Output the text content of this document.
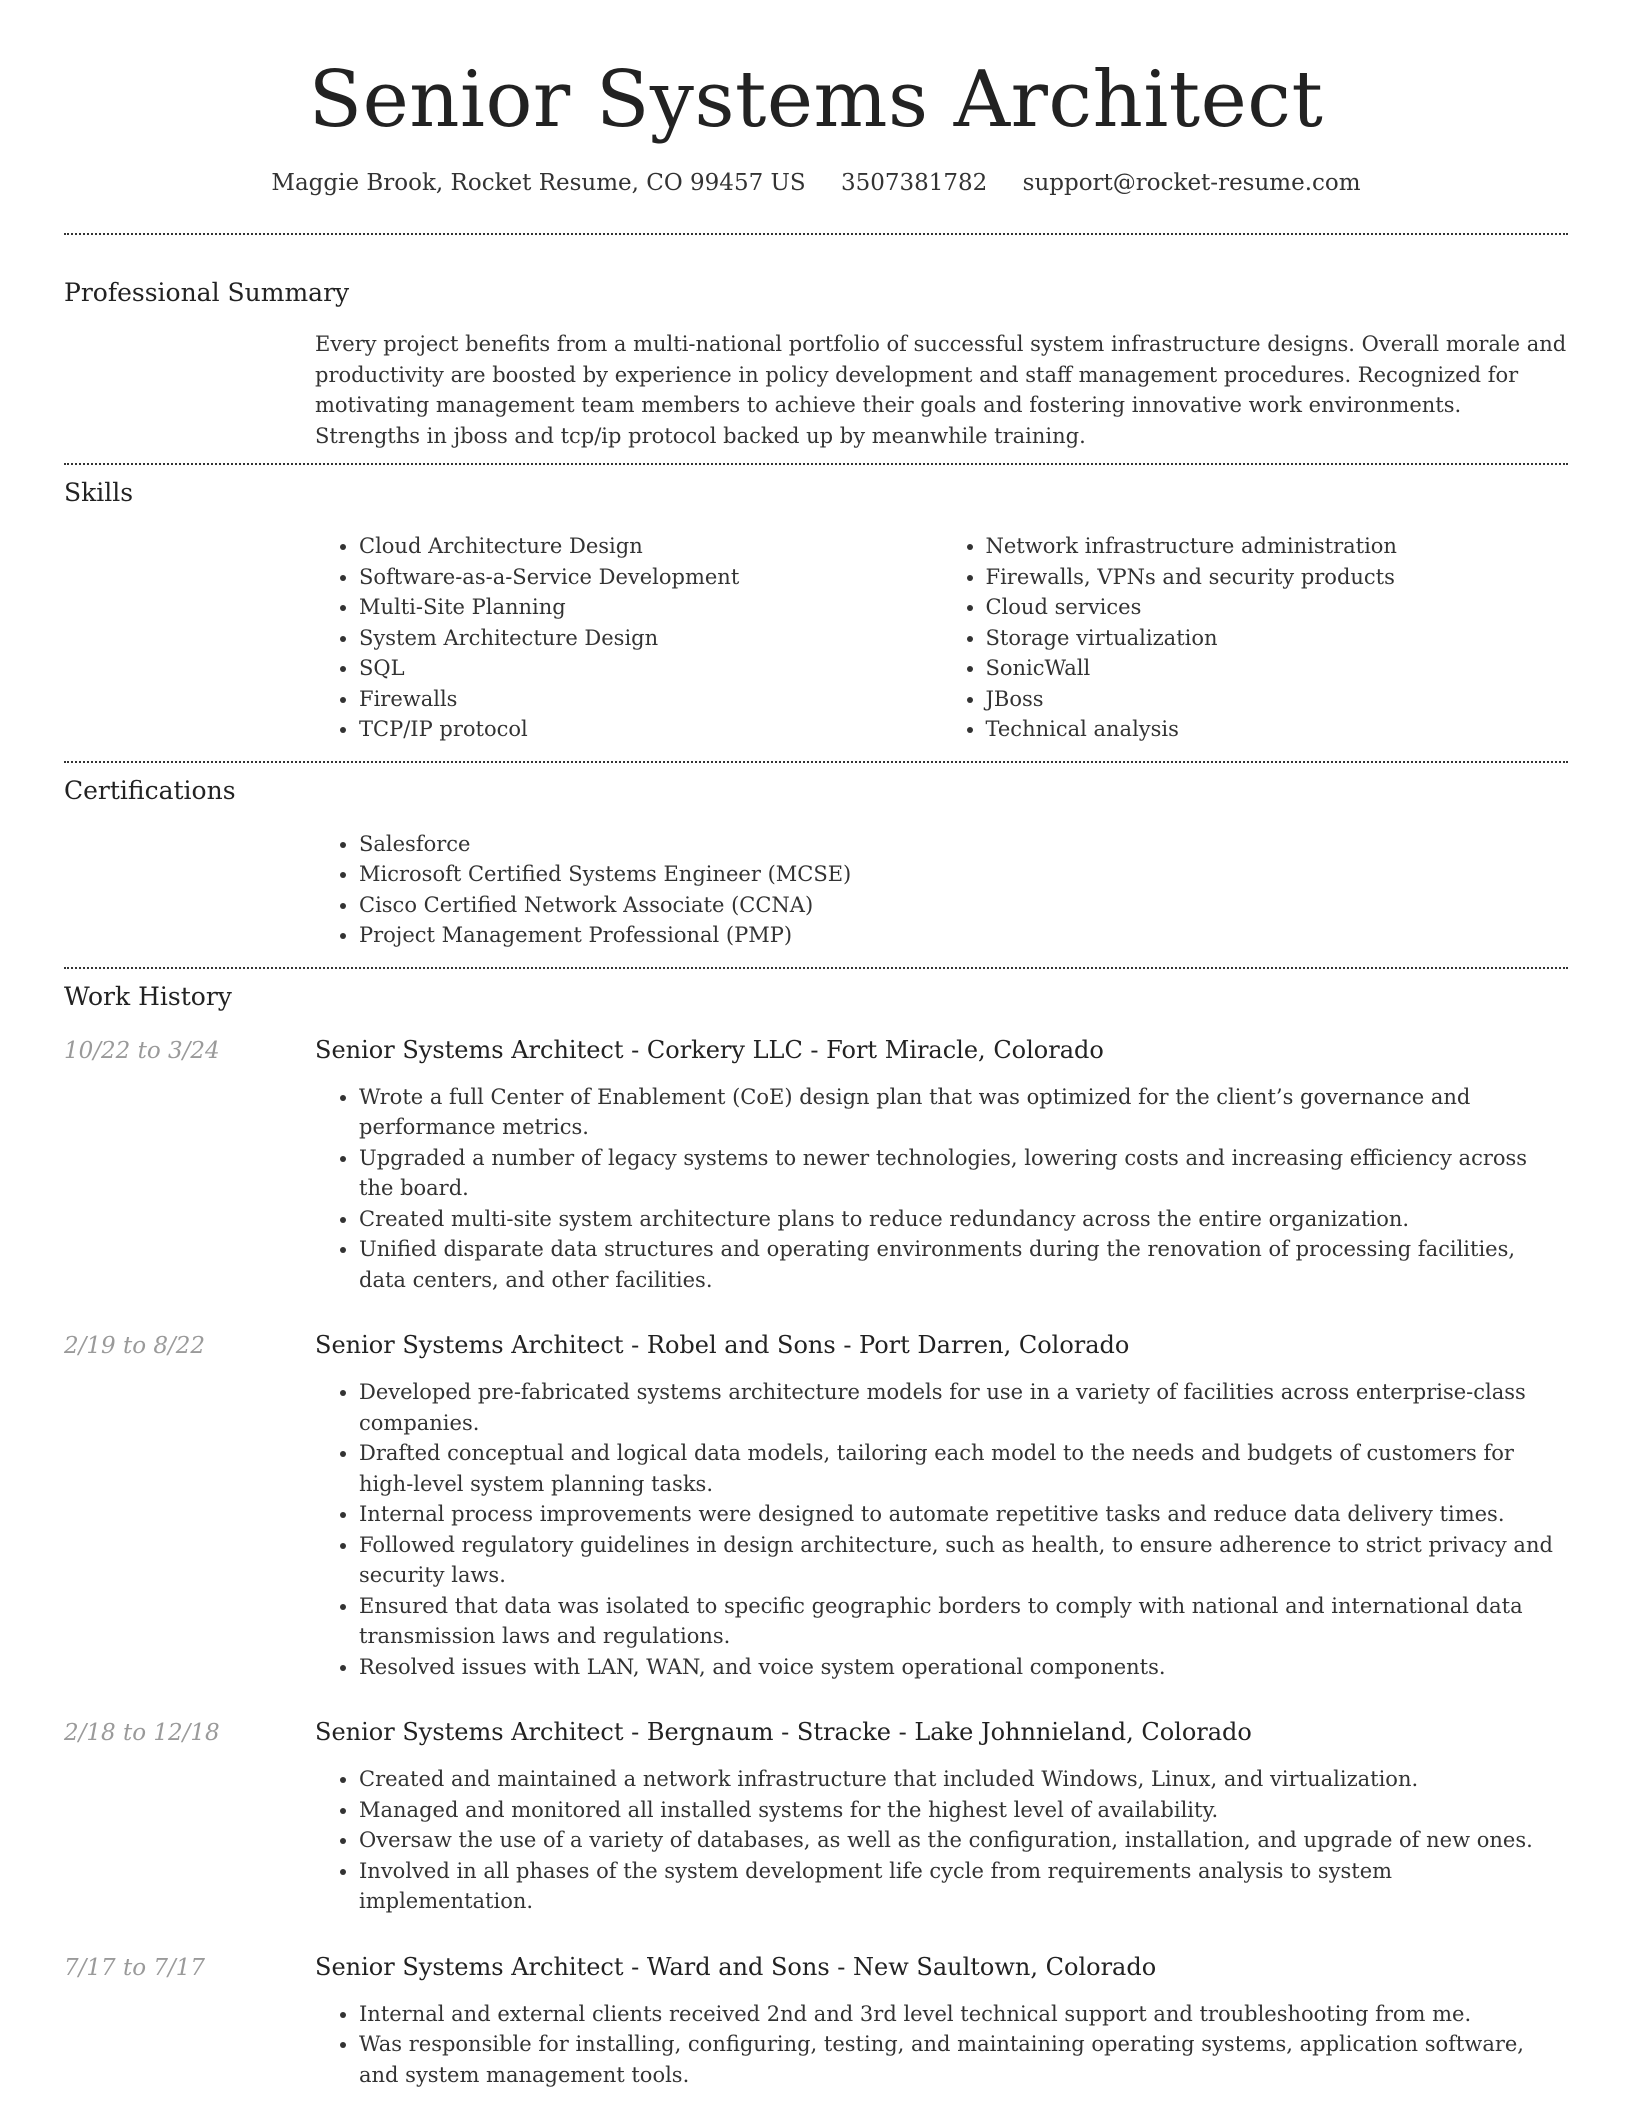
Senior Systems Architect
Maggie Brook, Rocket Resume, CO 99457 US 3507381782 support@rocket-resume.com
Professional Summary

Every project benefits from a multi-national portfolio of successful system infrastructure designs. Overall morale and productivity are boosted by experience in policy development and staff management procedures. Recognized for motivating management team members to achieve their goals and fostering innovative work environments. Strengths in jboss and tcp/ip protocol backed up by meanwhile training.

Skills
• Cloud Architecture Design
• Software-as-a-Service Development
• Multi-Site Planning
• System Architecture Design
• SQL
• Firewalls
• TCP/IP protocol
• Network infrastructure administration
• Firewalls, VPNs and security products
• Cloud services
• Storage virtualization
• SonicWall
• JBoss
• Technical analysis
Certifications
• Salesforce
• Microsoft Certified Systems Engineer (MCSE)
• Cisco Certified Network Associate (CCNA)
• Project Management Professional (PMP)
Work History
10/22 to 3/24	Senior Systems Architect - Corkery LLC - Fort Miracle, Colorado
• Wrote a full Center of Enablement (CoE) design plan that was optimized for the client’s governance and performance metrics.
• Upgraded a number of legacy systems to newer technologies, lowering costs and increasing efficiency across the board.
• Created multi-site system architecture plans to reduce redundancy across the entire organization.
• Unified disparate data structures and operating environments during the renovation of processing facilities, data centers, and other facilities.
2/19 to 8/22	Senior Systems Architect - Robel and Sons - Port Darren, Colorado
• Developed pre-fabricated systems architecture models for use in a variety of facilities across enterprise-class companies.
• Drafted conceptual and logical data models, tailoring each model to the needs and budgets of customers for high-level system planning tasks.
• Internal process improvements were designed to automate repetitive tasks and reduce data delivery times.
• Followed regulatory guidelines in design architecture, such as health, to ensure adherence to strict privacy and security laws.
• Ensured that data was isolated to specific geographic borders to comply with national and international data transmission laws and regulations.
• Resolved issues with LAN, WAN, and voice system operational components.
2/18 to 12/18	Senior Systems Architect - Bergnaum - Stracke - Lake Johnnieland, Colorado
• Created and maintained a network infrastructure that included Windows, Linux, and virtualization.
• Managed and monitored all installed systems for the highest level of availability.
• Oversaw the use of a variety of databases, as well as the configuration, installation, and upgrade of new ones.
• Involved in all phases of the system development life cycle from requirements analysis to system implementation.
7/17 to 7/17	Senior Systems Architect - Ward and Sons - New Saultown, Colorado
• Internal and external clients received 2nd and 3rd level technical support and troubleshooting from me.
• Was responsible for installing, configuring, testing, and maintaining operating systems, application software, and system management tools.
